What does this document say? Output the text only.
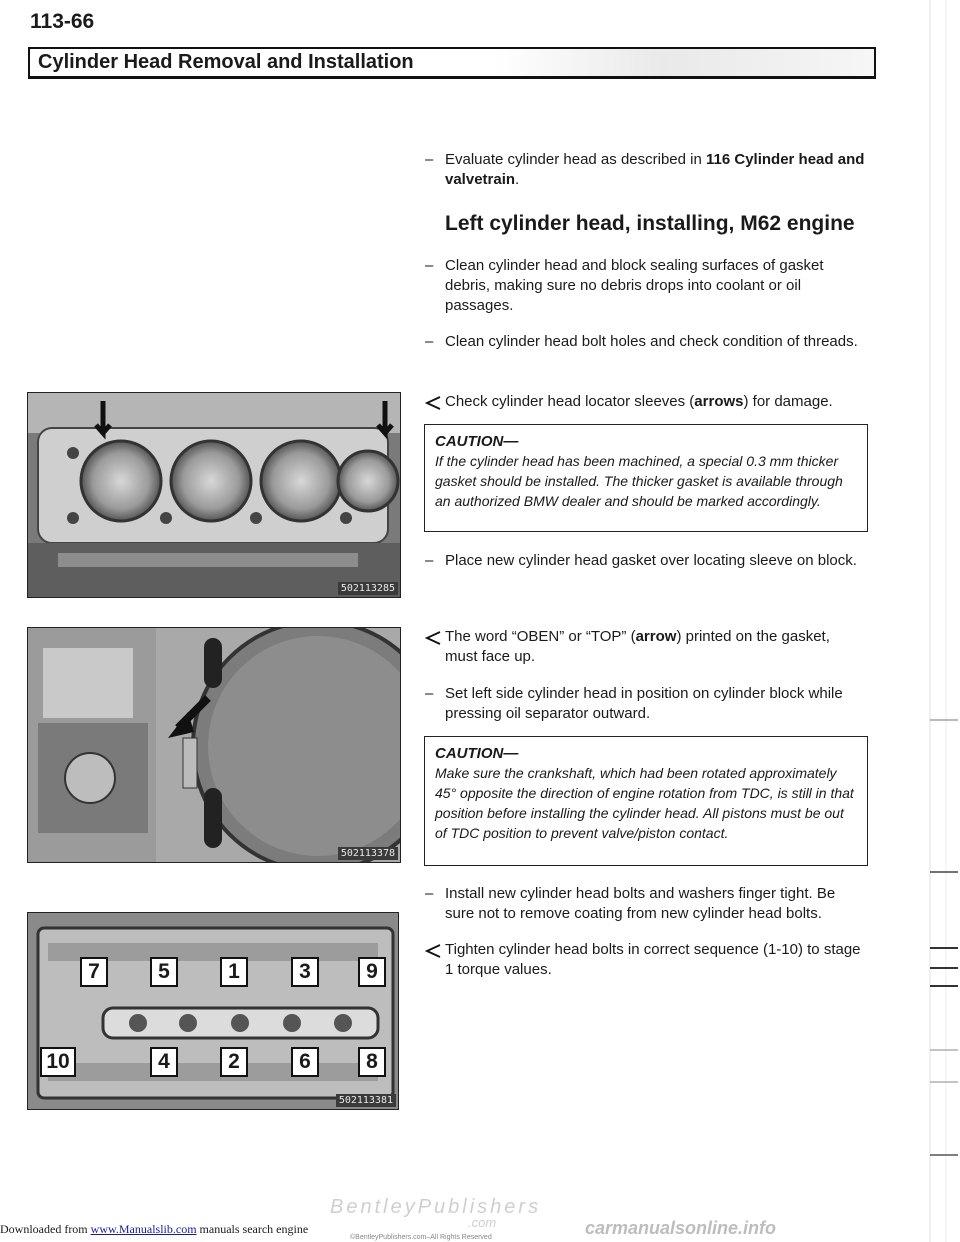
113-66
Cylinder Head Removal and Installation
– Evaluate cylinder head as described in 116 Cylinder head and valvetrain.
Left cylinder head, installing, M62 engine
– Clean cylinder head and block sealing surfaces of gasket debris, making sure no debris drops into coolant or oil passages.
– Clean cylinder head bolt holes and check condition of threads.
Check cylinder head locator sleeves (arrows) for damage.
CAUTION—
If the cylinder head has been machined, a special 0.3 mm thicker gasket should be installed. The thicker gasket is available through an authorized BMW dealer and should be marked accordingly.
– Place new cylinder head gasket over locating sleeve on block.
The word “OBEN” or “TOP” (arrow) printed on the gasket, must face up.
– Set left side cylinder head in position on cylinder block while pressing oil separator outward.
CAUTION—
Make sure the crankshaft, which had been rotated approximately 45° opposite the direction of engine rotation from TDC, is still in that position before installing the cylinder head. All pistons must be out of TDC position to prevent valve/piston contact.
– Install new cylinder head bolts and washers finger tight. Be sure not to remove coating from new cylinder head bolts.
Tighten cylinder head bolts in correct sequence (1-10) to stage 1 torque values.
502113285
502113378
7	5	1	3	9
10	4	2	6	8
502113381
BentleyPublishers
.com
©BentleyPublishers.com–All Rights Reserved	carmanualsonline.info
Downloaded from www.Manualslib.com manuals search engine
